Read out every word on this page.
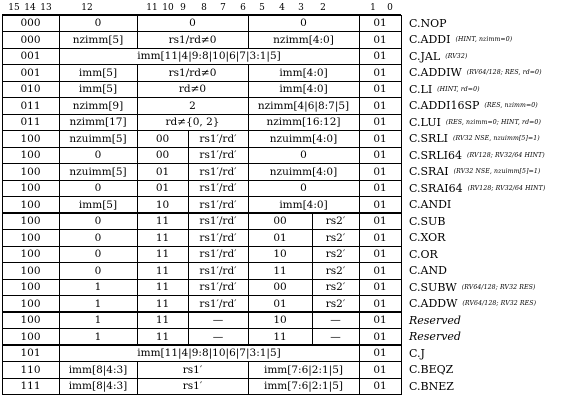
15 14 13	12	11 10 9 8 7 6 5 4 3 2	1 0
000	0	0	0	01	C.NOP
000	nzimm[5]	rs1/rd≠0	nzimm[4:0]	01	C.ADDI (HINT, nzimm=0)
001	imm[11|4|9:8|10|6|7|3:1|5]	01	C.JAL (RV32)
001	imm[5]	rs1/rd≠0	imm[4:0]	01	C.ADDIW (RV64/128; RES, rd=0)
010	imm[5]	rd≠0	imm[4:0]	01	C.LI (HINT, rd=0)
011	nzimm[9]	2	nzimm[4|6|8:7|5]	01	C.ADDI16SP (RES, nzimm=0)
011	nzimm[17]	rd≠{0, 2}	nzimm[16:12]	01	C.LUI (RES, nzimm=0; HINT, rd=0)
100	nzuimm[5]	00	rs1′/rd′	nzuimm[4:0]	01	C.SRLI (RV32 NSE, nzuimm[5]=1)
100	0	00	rs1′/rd′	0	01	C.SRLI64 (RV128; RV32/64 HINT)
100	nzuimm[5]	01	rs1′/rd′	nzuimm[4:0]	01	C.SRAI (RV32 NSE, nzuimm[5]=1)
100	0	01	rs1′/rd′	0	01	C.SRAI64 (RV128; RV32/64 HINT)
100	imm[5]	10	rs1′/rd′	imm[4:0]	01	C.ANDI
100	0	11	rs1′/rd′	00	rs2′	01	C.SUB
100	0	11	rs1′/rd′	01	rs2′	01	C.XOR
100	0	11	rs1′/rd′	10	rs2′	01	C.OR
100	0	11	rs1′/rd′	11	rs2′	01	C.AND
100	1	11	rs1′/rd′	00	rs2′	01	C.SUBW (RV64/128; RV32 RES)
100	1	11	rs1′/rd′	01	rs2′	01	C.ADDW (RV64/128; RV32 RES)
100	1	11	—	10	—	01	Reserved
100	1	11	—	11	—	01	Reserved
101	imm[11|4|9:8|10|6|7|3:1|5]	01	C.J
110	imm[8|4:3]	rs1′	imm[7:6|2:1|5]	01	C.BEQZ
111	imm[8|4:3]	rs1′	imm[7:6|2:1|5]	01	C.BNEZ
